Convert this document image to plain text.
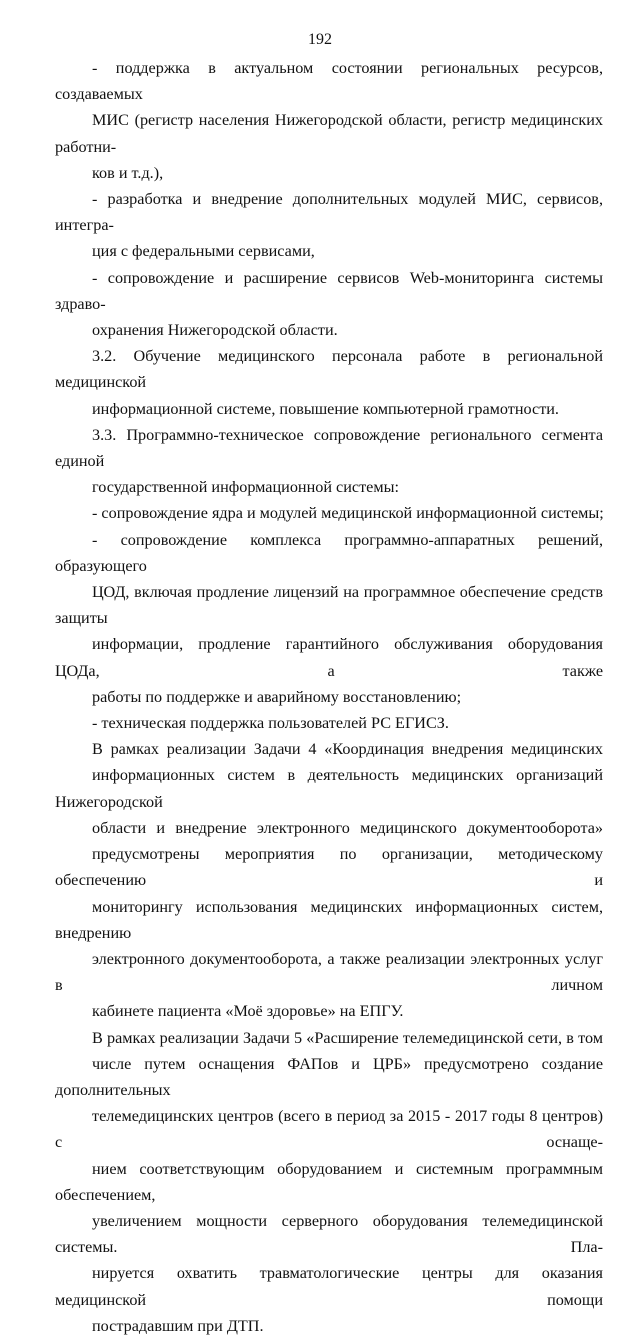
192

- поддержка в актуальном состоянии региональных ресурсов, создаваемых
МИС (регистр населения Нижегородской области, регистр медицинских работни-
ков и т.д.),

- разработка и внедрение дополнительных модулей МИС, сервисов, интегра-
ция с федеральными сервисами,

- сопровождение и расширение сервисов Web-мониторинга системы здраво-
охранения Нижегородской области.

3.2. Обучение медицинского персонала работе в региональной медицинской
информационной системе, повышение компьютерной грамотности.

3.3. Программно-техническое сопровождение регионального сегмента единой
государственной информационной системы:

- сопровождение ядра и модулей медицинской информационной системы;

- сопровождение комплекса программно-аппаратных решений, образующего
ЦОД, включая продление лицензий на программное обеспечение средств защиты
информации, продление гарантийного обслуживания оборудования ЦОДа, а также
работы по поддержке и аварийному восстановлению;

- техническая поддержка пользователей РС ЕГИСЗ.

В рамках реализации Задачи 4 «Координация внедрения медицинских
информационных систем в деятельность медицинских организаций Нижегородской
области и внедрение электронного медицинского документооборота»
предусмотрены мероприятия по организации, методическому обеспечению и
мониторингу использования медицинских информационных систем, внедрению
электронного документооборота, а также реализации электронных услуг в личном
кабинете пациента «Моё здоровье» на ЕПГУ.

В рамках реализации Задачи 5 «Расширение телемедицинской сети, в том
числе путем оснащения ФАПов и ЦРБ» предусмотрено создание дополнительных
телемедицинских центров (всего в период за 2015 - 2017 годы 8 центров) с оснаще-
нием соответствующим оборудованием и системным программным обеспечением,
увеличением мощности серверного оборудования телемедицинской системы. Пла-
нируется охватить травматологические центры для оказания медицинской помощи
пострадавшим при ДТП.
